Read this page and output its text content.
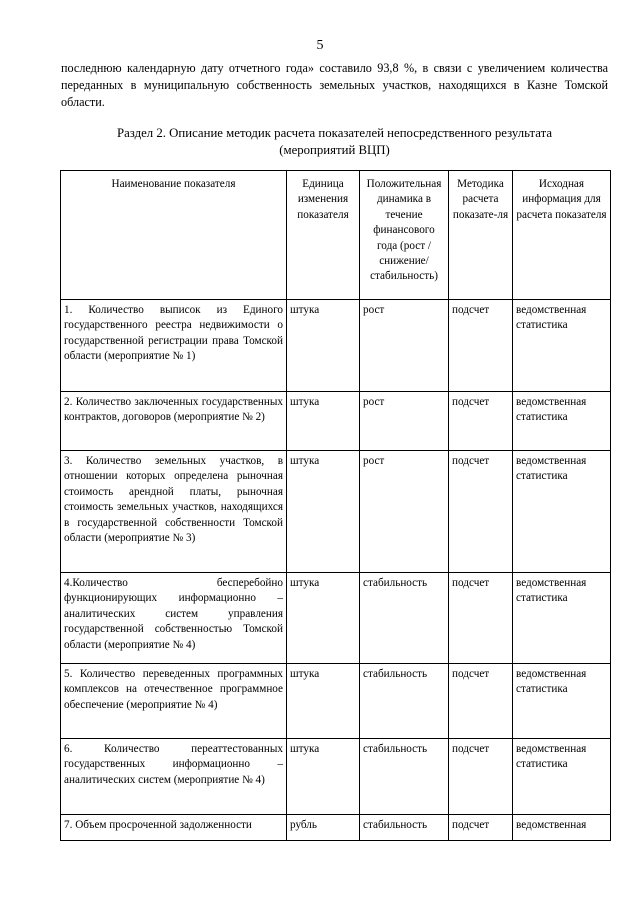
5
последнюю календарную дату отчетного года» составило 93,8 %, в связи с увеличением количества переданных в муниципальную собственность земельных участков, находящихся в Казне Томской области.
Раздел 2. Описание методик расчета показателей непосредственного результата
(мероприятий ВЦП)
Наименование показателя	Единица изменения показателя	Положительная динамика в течение финансового года (рост /снижение/ стабильность)	Методика расчета показате-ля	Исходная информация для расчета показателя
1. Количество выписок из Единого государственного реестра недвижимости о государственной регистрации права Томской области (мероприятие № 1)	штука	рост	подсчет	ведомственная статистика
2. Количество заключенных государственных контрактов, договоров (мероприятие № 2)	штука	рост	подсчет	ведомственная статистика
3. Количество земельных участков, в отношении которых определена рыночная стоимость арендной платы, рыночная стоимость земельных участков, находящихся в государственной собственности Томской области (мероприятие № 3)	штука	рост	подсчет	ведомственная статистика
4.Количество бесперебойно функционирующих информационно – аналитических систем управления государственной собственностью Томской области (мероприятие № 4)	штука	стабильность	подсчет	ведомственная статистика
5. Количество переведенных программных комплексов на отечественное программное обеспечение (мероприятие № 4)	штука	стабильность	подсчет	ведомственная статистика
6. Количество переаттестованных государственных информационно – аналитических систем (мероприятие № 4)	штука	стабильность	подсчет	ведомственная статистика
7. Объем просроченной задолженности	рубль	стабильность	подсчет	ведомственная
